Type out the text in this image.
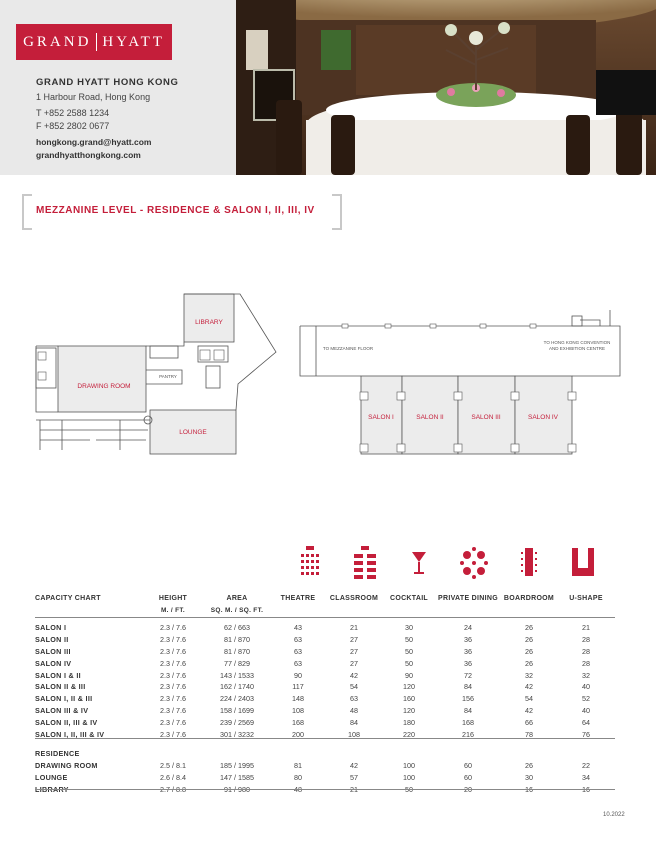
GRAND HYATT
GRAND HYATT HONG KONG
1 Harbour Road, Hong Kong
T +852 2588 1234
F +852 2802 0677
hongkong.grand@hyatt.com
grandhyatthongkong.com
MEZZANINE LEVEL - RESIDENCE & SALON I, II, III, IV
LIBRARY
DRAWING ROOM
LOUNGE
SALON I	SALON II	SALON III	SALON IV
PANTRY
TO MEZZANINE FLOOR
TO HONG KONG CONVENTION
AND EXHIBITION CENTRE
CAPACITY CHART	HEIGHT	AREA	THEATRE	CLASSROOM	COCKTAIL	PRIVATE DINING	BOARDROOM	U-SHAPE
	M. / FT.	SQ. M. / SQ. FT.						

SALON I	2.3 / 7.6	62 / 663	43	21	30	24	26	21
SALON II	2.3 / 7.6	81 / 870	63	27	50	36	26	28
SALON III	2.3 / 7.6	81 / 870	63	27	50	36	26	28
SALON IV	2.3 / 7.6	77 / 829	63	27	50	36	26	28
SALON I & II	2.3 / 7.6	143 / 1533	90	42	90	72	32	32
SALON II & III	2.3 / 7.6	162 / 1740	117	54	120	84	42	40
SALON I, II & III	2.3 / 7.6	224 / 2403	148	63	160	156	54	52
SALON III & IV	2.3 / 7.6	158 / 1699	108	48	120	84	42	40
SALON II, III & IV	2.3 / 7.6	239 / 2569	168	84	180	168	66	64
SALON I, II, III & IV	2.3 / 7.6	301 / 3232	200	108	220	216	78	76

RESIDENCE								
DRAWING ROOM	2.5 / 8.1	185 / 1995	81	42	100	60	26	22
LOUNGE	2.6 / 8.4	147 / 1585	80	57	100	60	30	34
LIBRARY	2.7 / 8.8	91 / 980	48	21	50	20	16	16
10.2022
